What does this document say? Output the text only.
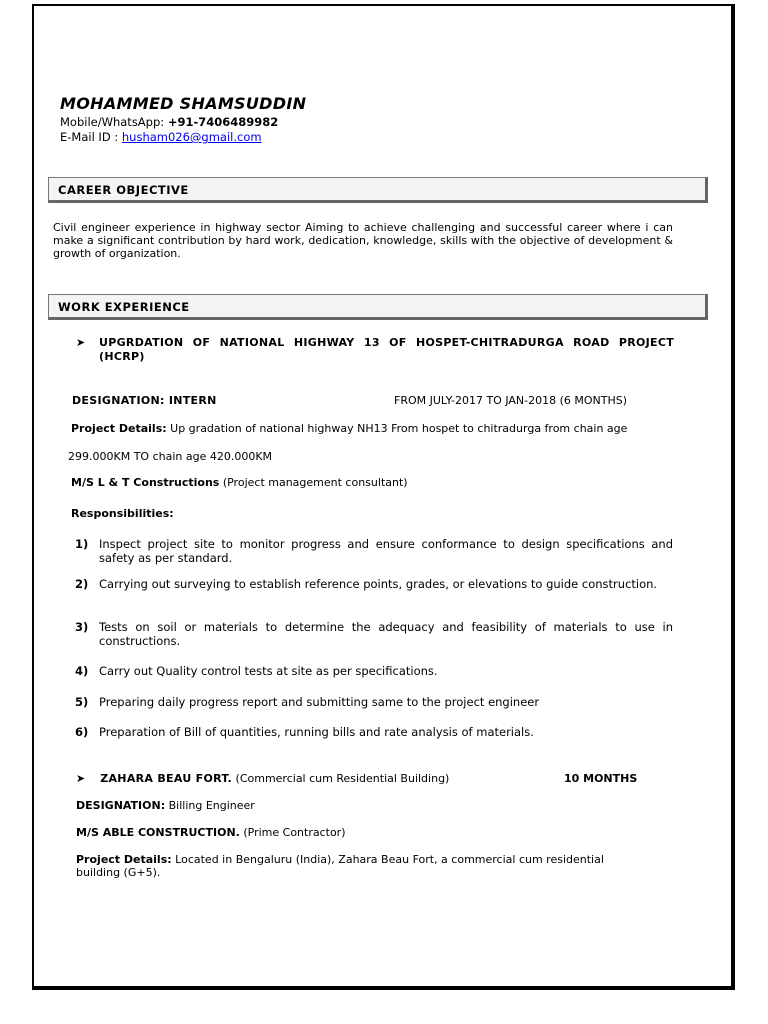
MOHAMMED SHAMSUDDIN
Mobile/WhatsApp: +91-7406489982
E-Mail ID : husham026@gmail.com
CAREER OBJECTIVE
Civil engineer experience in highway sector Aiming to achieve challenging and successful career where i can make a significant contribution by hard work, dedication, knowledge, skills with the objective of development & growth of organization.
WORK EXPERIENCE
➤ UPGRDATION OF NATIONAL HIGHWAY 13 OF HOSPET-CHITRADURGA ROAD PROJECT (HCRP)
DESIGNATION: INTERN	FROM JULY-2017 TO JAN-2018 (6 MONTHS)
Project Details: Up gradation of national highway NH13 From hospet to chitradurga from chain age
299.000KM TO chain age 420.000KM
M/S L & T Constructions (Project management consultant)
Responsibilities:
1) Inspect project site to monitor progress and ensure conformance to design specifications and safety as per standard.
2) Carrying out surveying to establish reference points, grades, or elevations to guide construction.
3) Tests on soil or materials to determine the adequacy and feasibility of materials to use in constructions.
4) Carry out Quality control tests at site as per specifications.
5) Preparing daily progress report and submitting same to the project engineer
6) Preparation of Bill of quantities, running bills and rate analysis of materials.
➤ ZAHARA BEAU FORT. (Commercial cum Residential Building)	10 MONTHS
DESIGNATION: Billing Engineer
M/S ABLE CONSTRUCTION. (Prime Contractor)
Project Details: Located in Bengaluru (India), Zahara Beau Fort, a commercial cum residential building (G+5).
